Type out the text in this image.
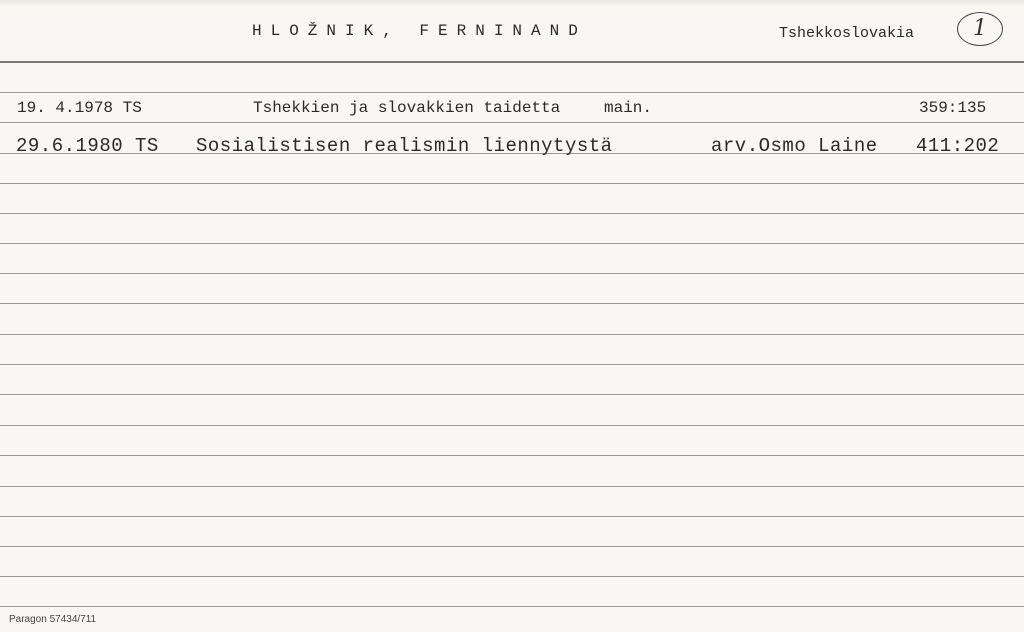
HLOŽNIK, FERNINAND	Tshekkoslovakia	1
19. 4.1978 TS	Tshekkien ja slovakkien taidetta	main.	359:135
29.6.1980 TS Sosialistisen realismin liennytystä	arv.Osmo Laine 411:202
Paragon 57434/711
